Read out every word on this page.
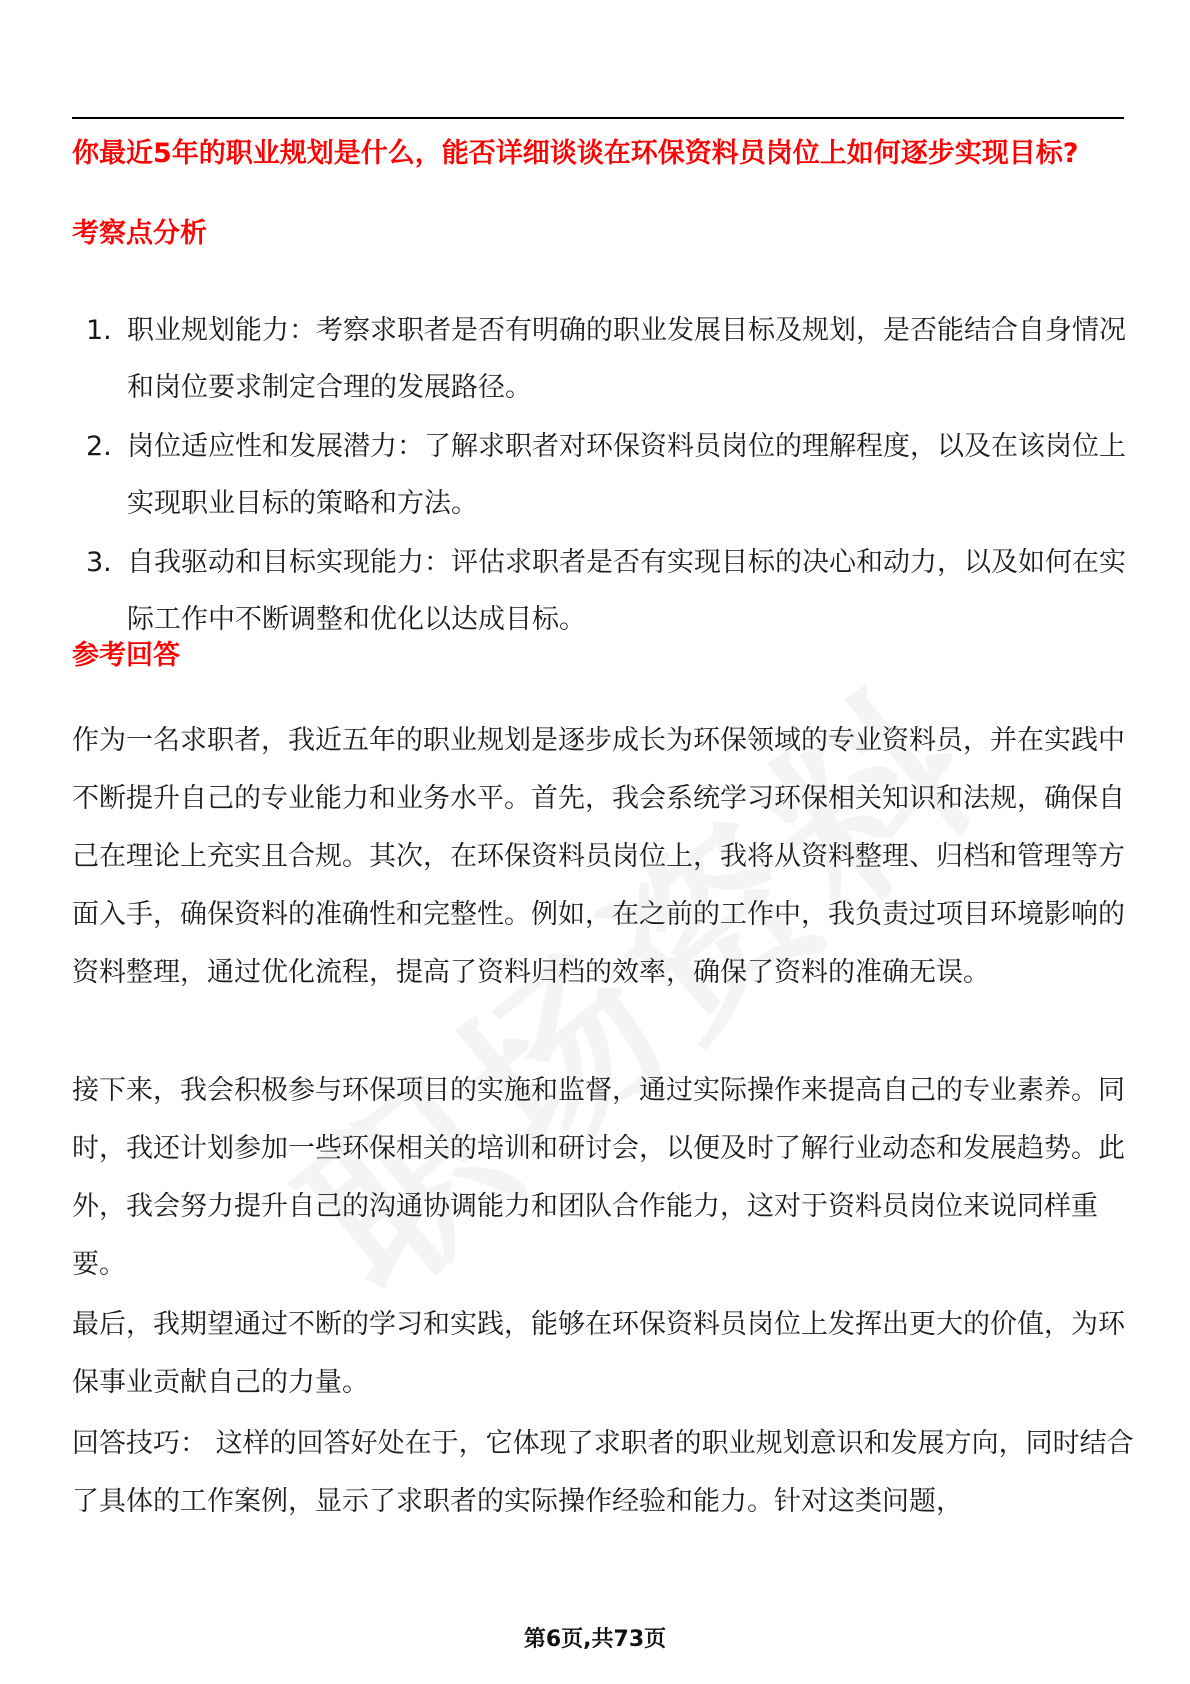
你最近5年的职业规划是什么，能否详细谈谈在环保资料员岗位上如何逐步实现目标?
考察点分析
1. 职业规划能力：考察求职者是否有明确的职业发展目标及规划，是否能结合自身情况和岗位要求制定合理的发展路径。
2. 岗位适应性和发展潜力：了解求职者对环保资料员岗位的理解程度，以及在该岗位上实现职业目标的策略和方法。
3. 自我驱动和目标实现能力：评估求职者是否有实现目标的决心和动力，以及如何在实际工作中不断调整和优化以达成目标。
参考回答

作为一名求职者，我近五年的职业规划是逐步成长为环保领域的专业资料员，并在实践中不断提升自己的专业能力和业务水平。首先，我会系统学习环保相关知识和法规，确保自己在理论上充实且合规。其次，在环保资料员岗位上，我将从资料整理、归档和管理等方面入手，确保资料的准确性和完整性。例如，在之前的工作中，我负责过项目环境影响的资料整理，通过优化流程，提高了资料归档的效率，确保了资料的准确无误。

接下来，我会积极参与环保项目的实施和监督，通过实际操作来提高自己的专业素养。同时，我还计划参加一些环保相关的培训和研讨会，以便及时了解行业动态和发展趋势。此外，我会努力提升自己的沟通协调能力和团队合作能力，这对于资料员岗位来说同样重要。

最后，我期望通过不断的学习和实践，能够在环保资料员岗位上发挥出更大的价值，为环保事业贡献自己的力量。

回答技巧： 这样的回答好处在于，它体现了求职者的职业规划意识和发展方向，同时结合了具体的工作案例，显示了求职者的实际操作经验和能力。针对这类问题，

第6页,共73页
